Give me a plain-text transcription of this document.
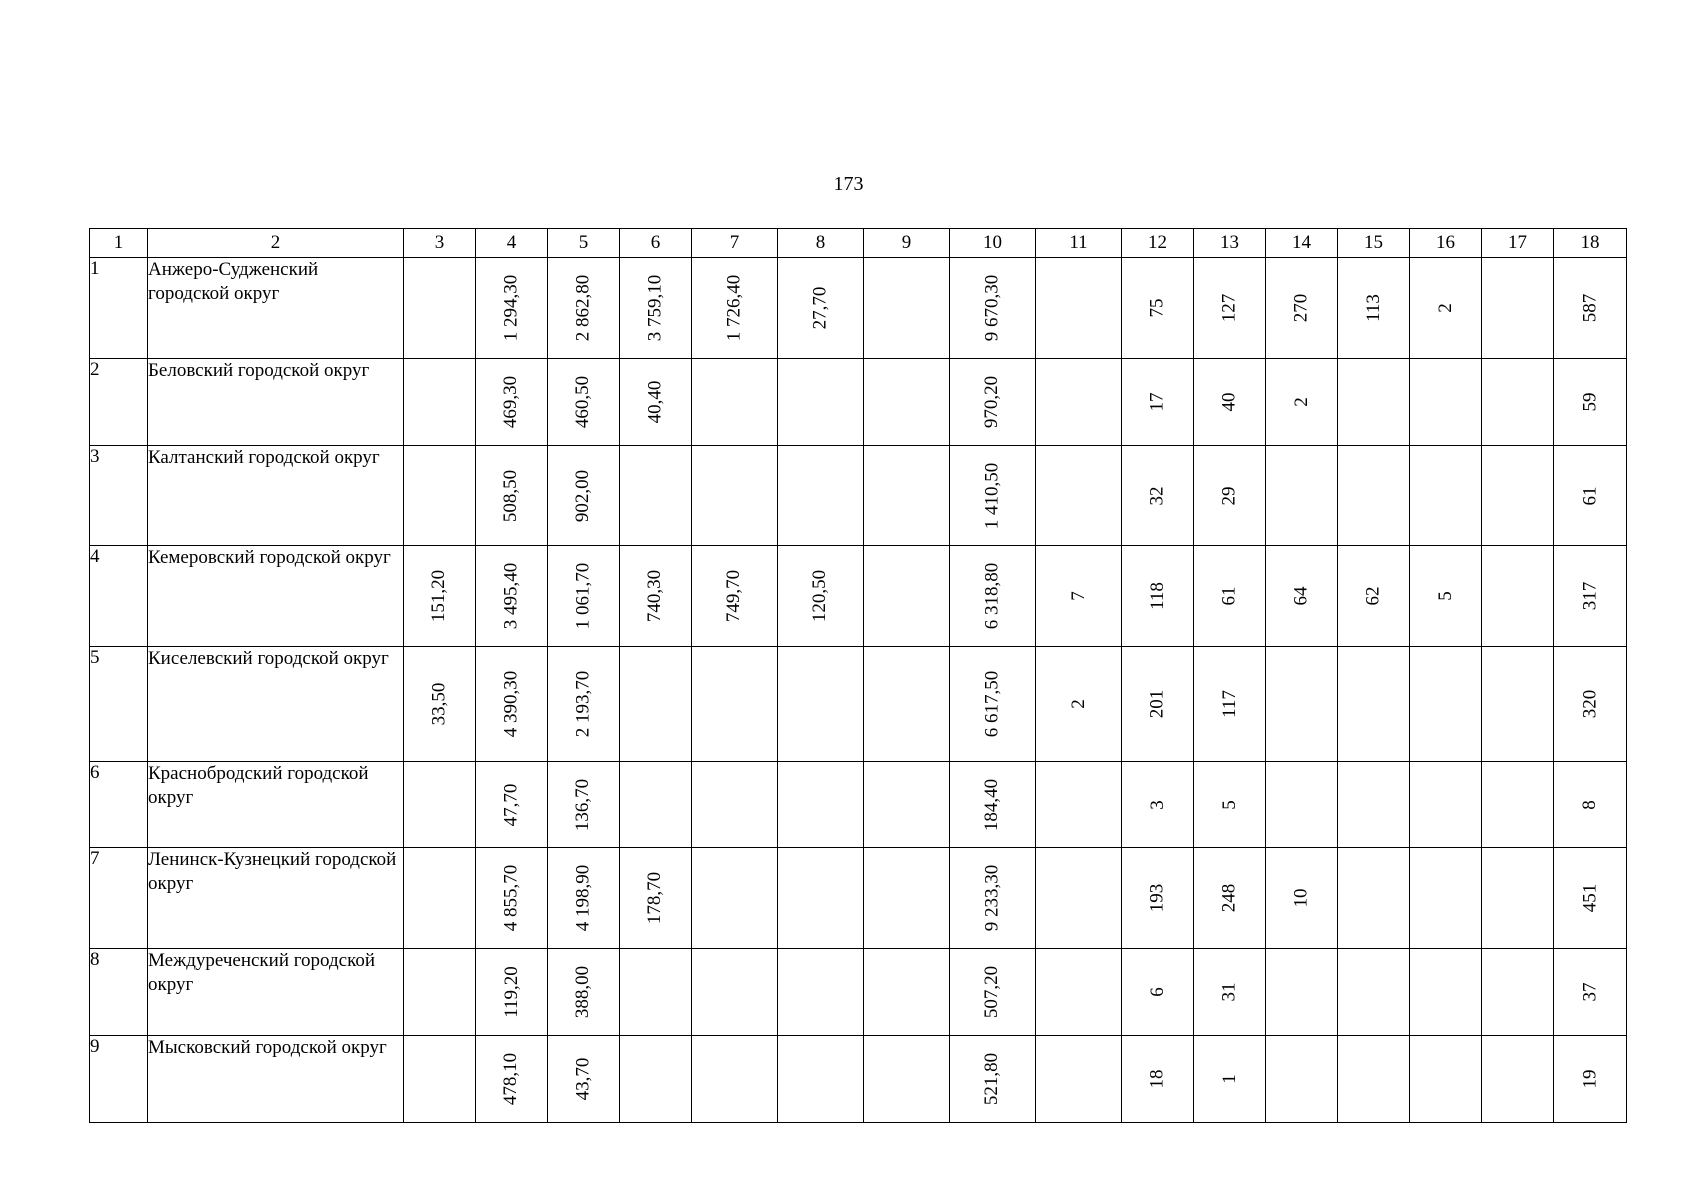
173
1	2	3	4	5	6	7	8	9	10	11	12	13	14	15	16	17	18
1	Анжеро-Судженский городской округ		1 294,30	2 862,80	3 759,10	1 726,40	27,70		9 670,30		75	127	270	113	2		587
2	Беловский городской округ		469,30	460,50	40,40				970,20		17	40	2				59
3	Калтанский городской округ		508,50	902,00					1 410,50		32	29					61
4	Кемеровский городской округ	151,20	3 495,40	1 061,70	740,30	749,70	120,50		6 318,80	7	118	61	64	62	5		317
5	Киселевский городской округ	33,50	4 390,30	2 193,70					6 617,50	2	201	117					320
6	Краснобродский городской округ		47,70	136,70					184,40		3	5					8
7	Ленинск-Кузнецкий городской округ		4 855,70	4 198,90	178,70				9 233,30		193	248	10				451
8	Междуреченский городской округ		119,20	388,00					507,20		6	31					37
9	Мысковский городской округ		478,10	43,70					521,80		18	1					19
